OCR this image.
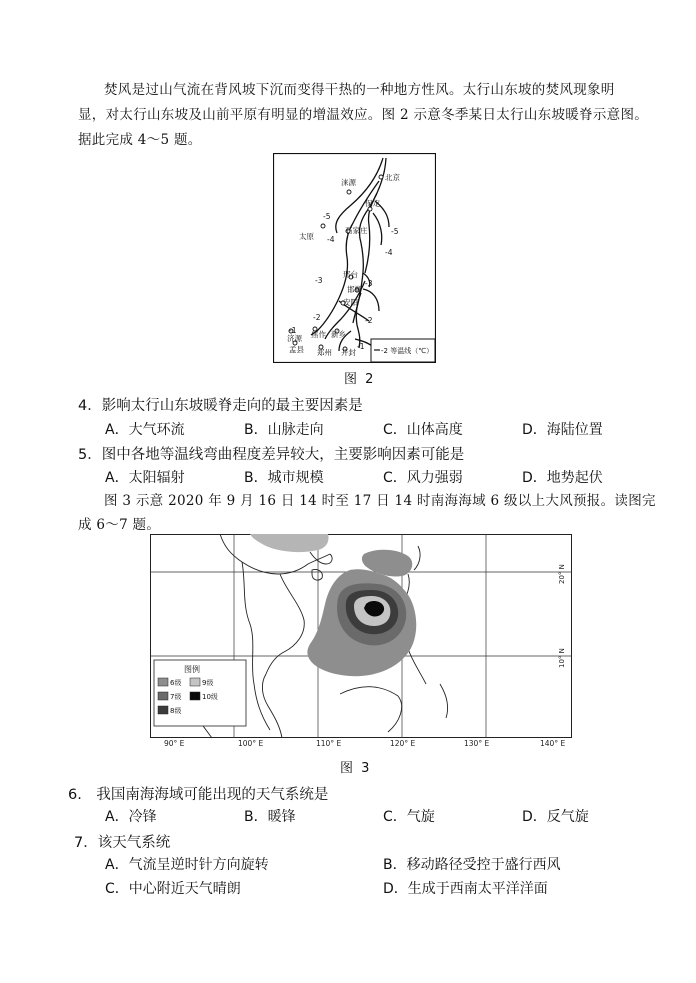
焚风是过山气流在背风坡下沉而变得干热的一种地方性风。太行山东坡的焚风现象明
显，对太行山东坡及山前平原有明显的增温效应。图 2 示意冬季某日太行山东坡暖脊示意图。
据此完成 4～5 题。
北京
涞源
保定
太原
石家庄
邢台
邯郸
安阳
济源 焦作 新乡
孟县 郑州 开封
-5
-4
-5
-4
-3	-3
-2	-2
-1
-1 -2 等温线（℃）
图 2
4．影响太行山东坡暖脊走向的最主要因素是
A．大气环流	B．山脉走向	C．山体高度	D．海陆位置
5．图中各地等温线弯曲程度差异较大，主要影响因素可能是
A．太阳辐射	B．城市规模	C．风力强弱	D．地势起伏
图 3 示意 2020 年 9 月 16 日 14 时至 17 日 14 时南海海域 6 级以上大风预报。读图完
成 6～7 题。
20° N
10° N
图例
6级	9级
7级	10级
8级
90° E	100° E	110° E	120° E	130° E	140° E
图 3
6.　我国南海海域可能出现的天气系统是
A．冷锋	B．暖锋	C．气旋	D．反气旋
7．该天气系统
A．气流呈逆时针方向旋转	B．移动路径受控于盛行西风
C．中心附近天气晴朗	D．生成于西南太平洋洋面
